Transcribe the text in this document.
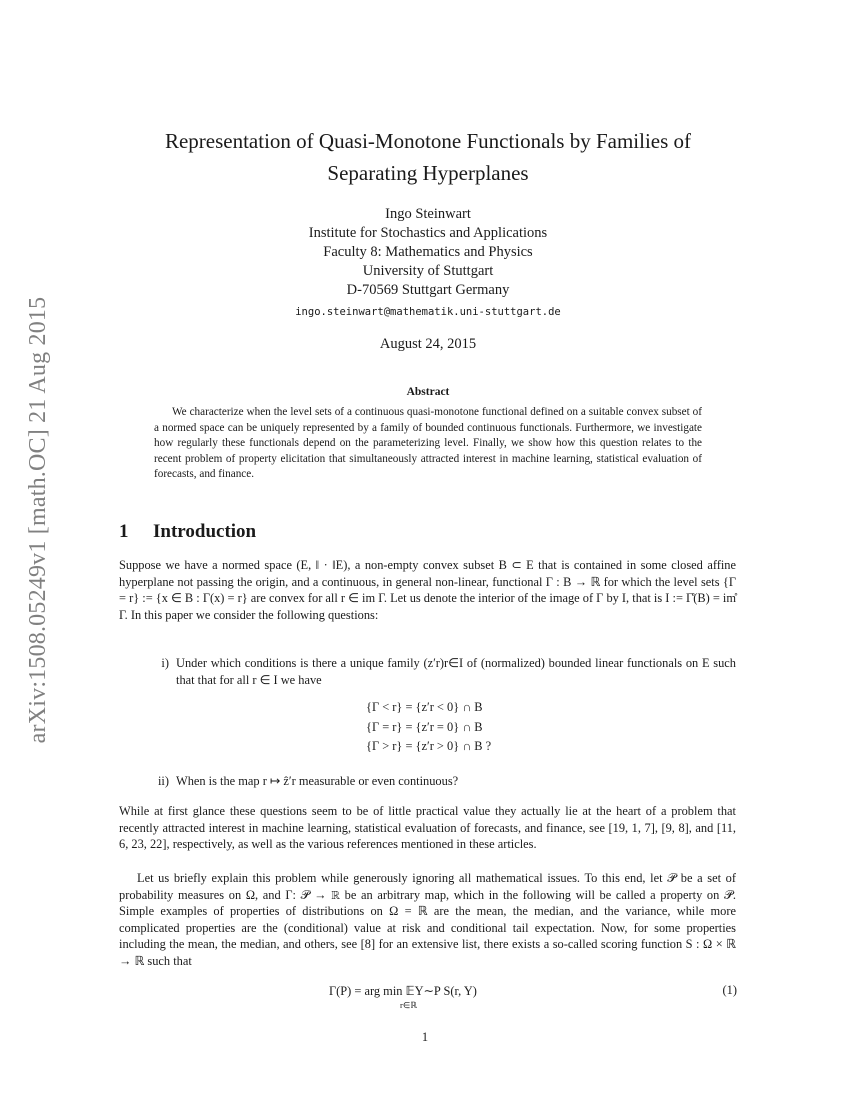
arXiv:1508.05249v1 [math.OC] 21 Aug 2015
Representation of Quasi-Monotone Functionals by Families of
Separating Hyperplanes
Ingo Steinwart
Institute for Stochastics and Applications
Faculty 8: Mathematics and Physics
University of Stuttgart
D-70569 Stuttgart Germany
ingo.steinwart@mathematik.uni-stuttgart.de
August 24, 2015
Abstract
We characterize when the level sets of a continuous quasi-monotone functional defined on a suitable convex subset of a normed space can be uniquely represented by a family of bounded continuous functionals. Furthermore, we investigate how regularly these functionals depend on the parameterizing level. Finally, we show how this question relates to the recent problem of property elicitation that simultaneously attracted interest in machine learning, statistical evaluation of forecasts, and finance.
1 Introduction
Suppose we have a normed space (E, ‖ · ‖E), a non-empty convex subset B ⊂ E that is contained in some closed affine hyperplane not passing the origin, and a continuous, in general non-linear, functional Γ : B → ℝ for which the level sets {Γ = r} := {x ∈ B : Γ(x) = r} are convex for all r ∈ im Γ. Let us denote the interior of the image of Γ by I, that is I := Γ̊(B) = im̊ Γ. In this paper we consider the following questions:
i) Under which conditions is there a unique family (z′r)r∈I of (normalized) bounded linear functionals on E such that that for all r ∈ I we have
{Γ < r} = {z′r < 0} ∩ B
{Γ = r} = {z′r = 0} ∩ B
{Γ > r} = {z′r > 0} ∩ B ?
ii) When is the map r ↦ ẑ′r measurable or even continuous?
While at first glance these questions seem to be of little practical value they actually lie at the heart of a problem that recently attracted interest in machine learning, statistical evaluation of forecasts, and finance, see [19, 1, 7], [9, 8], and [11, 6, 23, 22], respectively, as well as the various references mentioned in these articles.
Let us briefly explain this problem while generously ignoring all mathematical issues. To this end, let 𝒫 be a set of probability measures on Ω, and Γ: 𝒫 → ℝ be an arbitrary map, which in the following will be called a property on 𝒫. Simple examples of properties of distributions on Ω = ℝ are the mean, the median, and the variance, while more complicated properties are the (conditional) value at risk and conditional tail expectation. Now, for some properties including the mean, the median, and others, see [8] for an extensive list, there exists a so-called scoring function S : Ω × ℝ → ℝ such that
Γ(P) = arg min 𝔼Y∼P S(r, Y)
r∈ℝ
(1)
1
